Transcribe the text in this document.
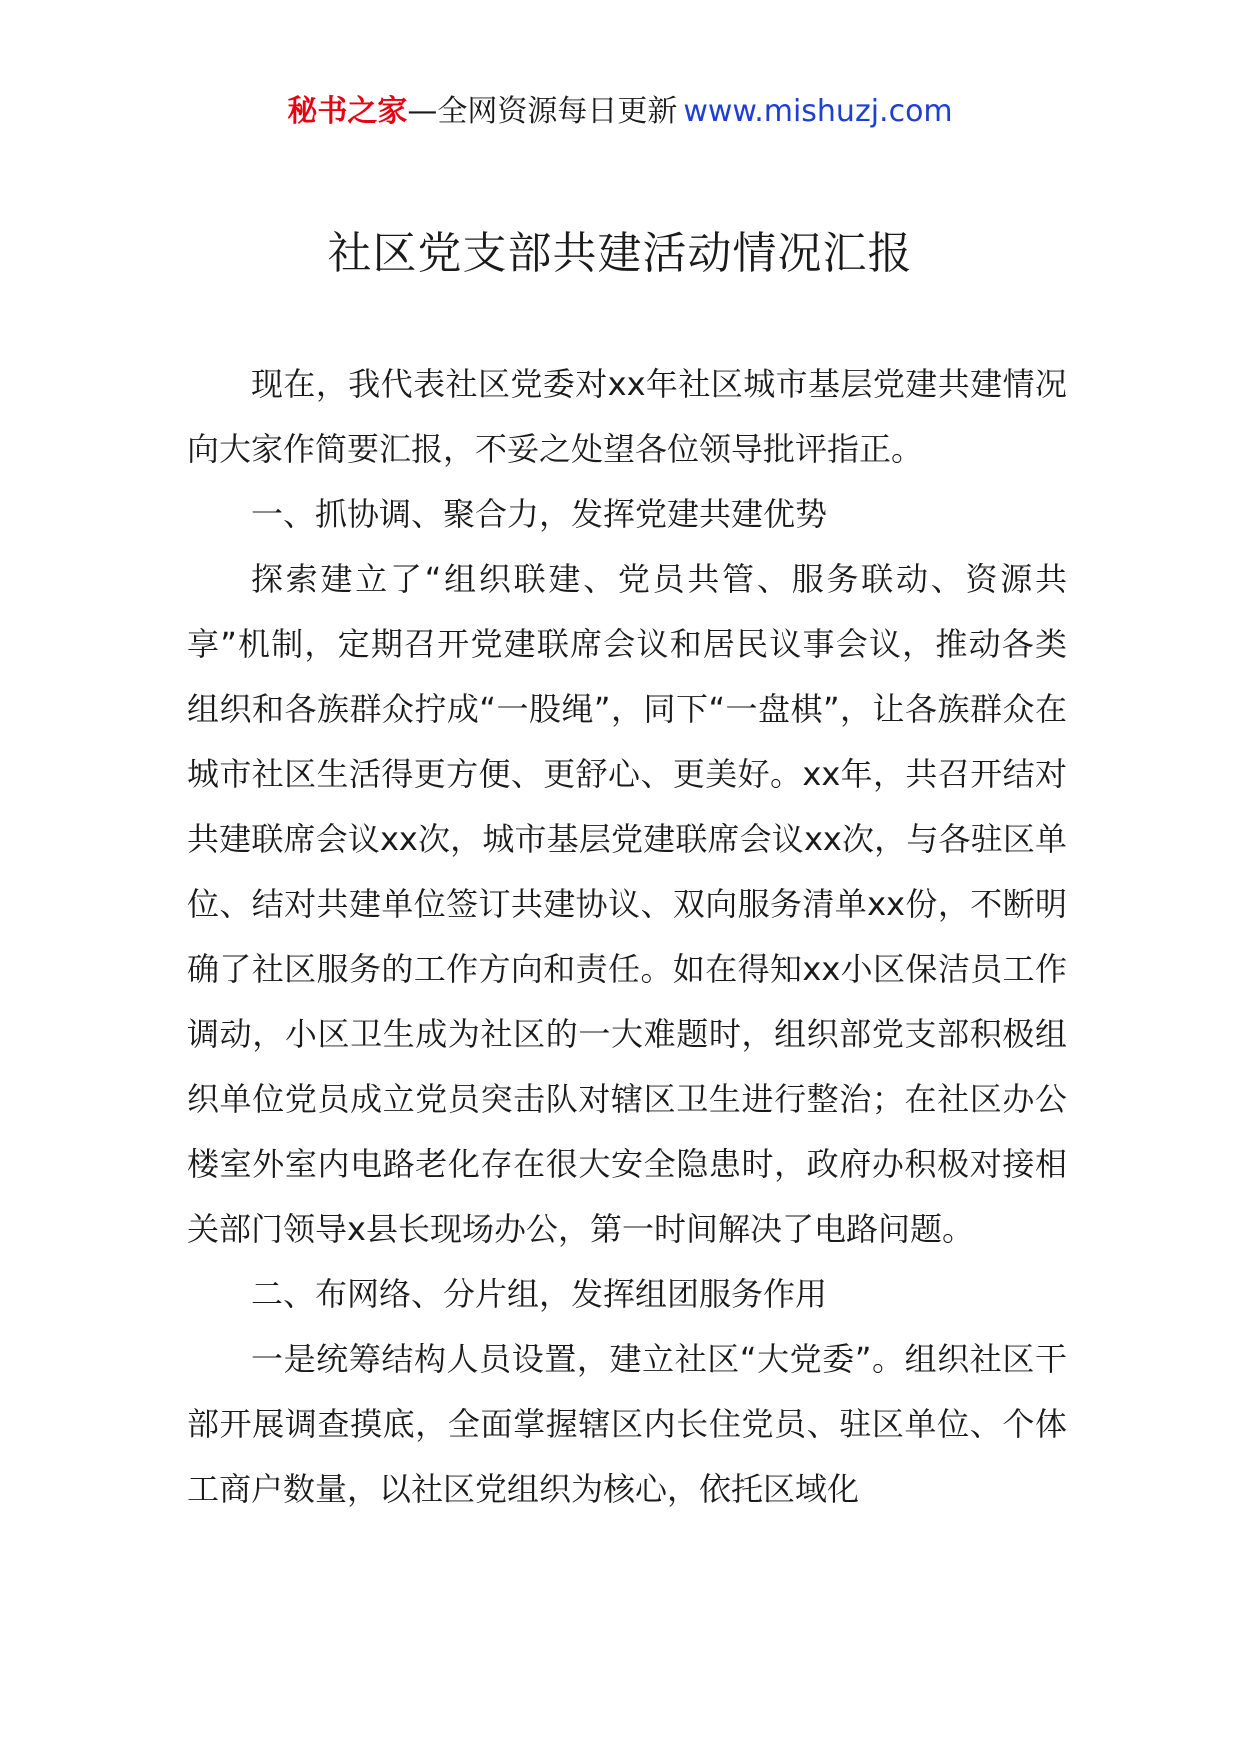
秘书之家—全网资源每日更新 www.mishuzj.com
社区党支部共建活动情况汇报

现在，我代表社区党委对xx年社区城市基层党建共建情况向大家作简要汇报，不妥之处望各位领导批评指正。

一、抓协调、聚合力，发挥党建共建优势

探索建立了“组织联建、党员共管、服务联动、资源共享”机制，定期召开党建联席会议和居民议事会议，推动各类组织和各族群众拧成“一股绳”，同下“一盘棋”，让各族群众在城市社区生活得更方便、更舒心、更美好。xx年，共召开结对共建联席会议xx次，城市基层党建联席会议xx次，与各驻区单位、结对共建单位签订共建协议、双向服务清单xx份，不断明确了社区服务的工作方向和责任。如在得知xx小区保洁员工作调动，小区卫生成为社区的一大难题时，组织部党支部积极组织单位党员成立党员突击队对辖区卫生进行整治；在社区办公楼室外室内电路老化存在很大安全隐患时，政府办积极对接相关部门领导x县长现场办公，第一时间解决了电路问题。

二、布网络、分片组，发挥组团服务作用

一是统筹结构人员设置，建立社区“大党委”。组织社区干部开展调查摸底，全面掌握辖区内长住党员、驻区单位、个体工商户数量，以社区党组织为核心，依托区域化
